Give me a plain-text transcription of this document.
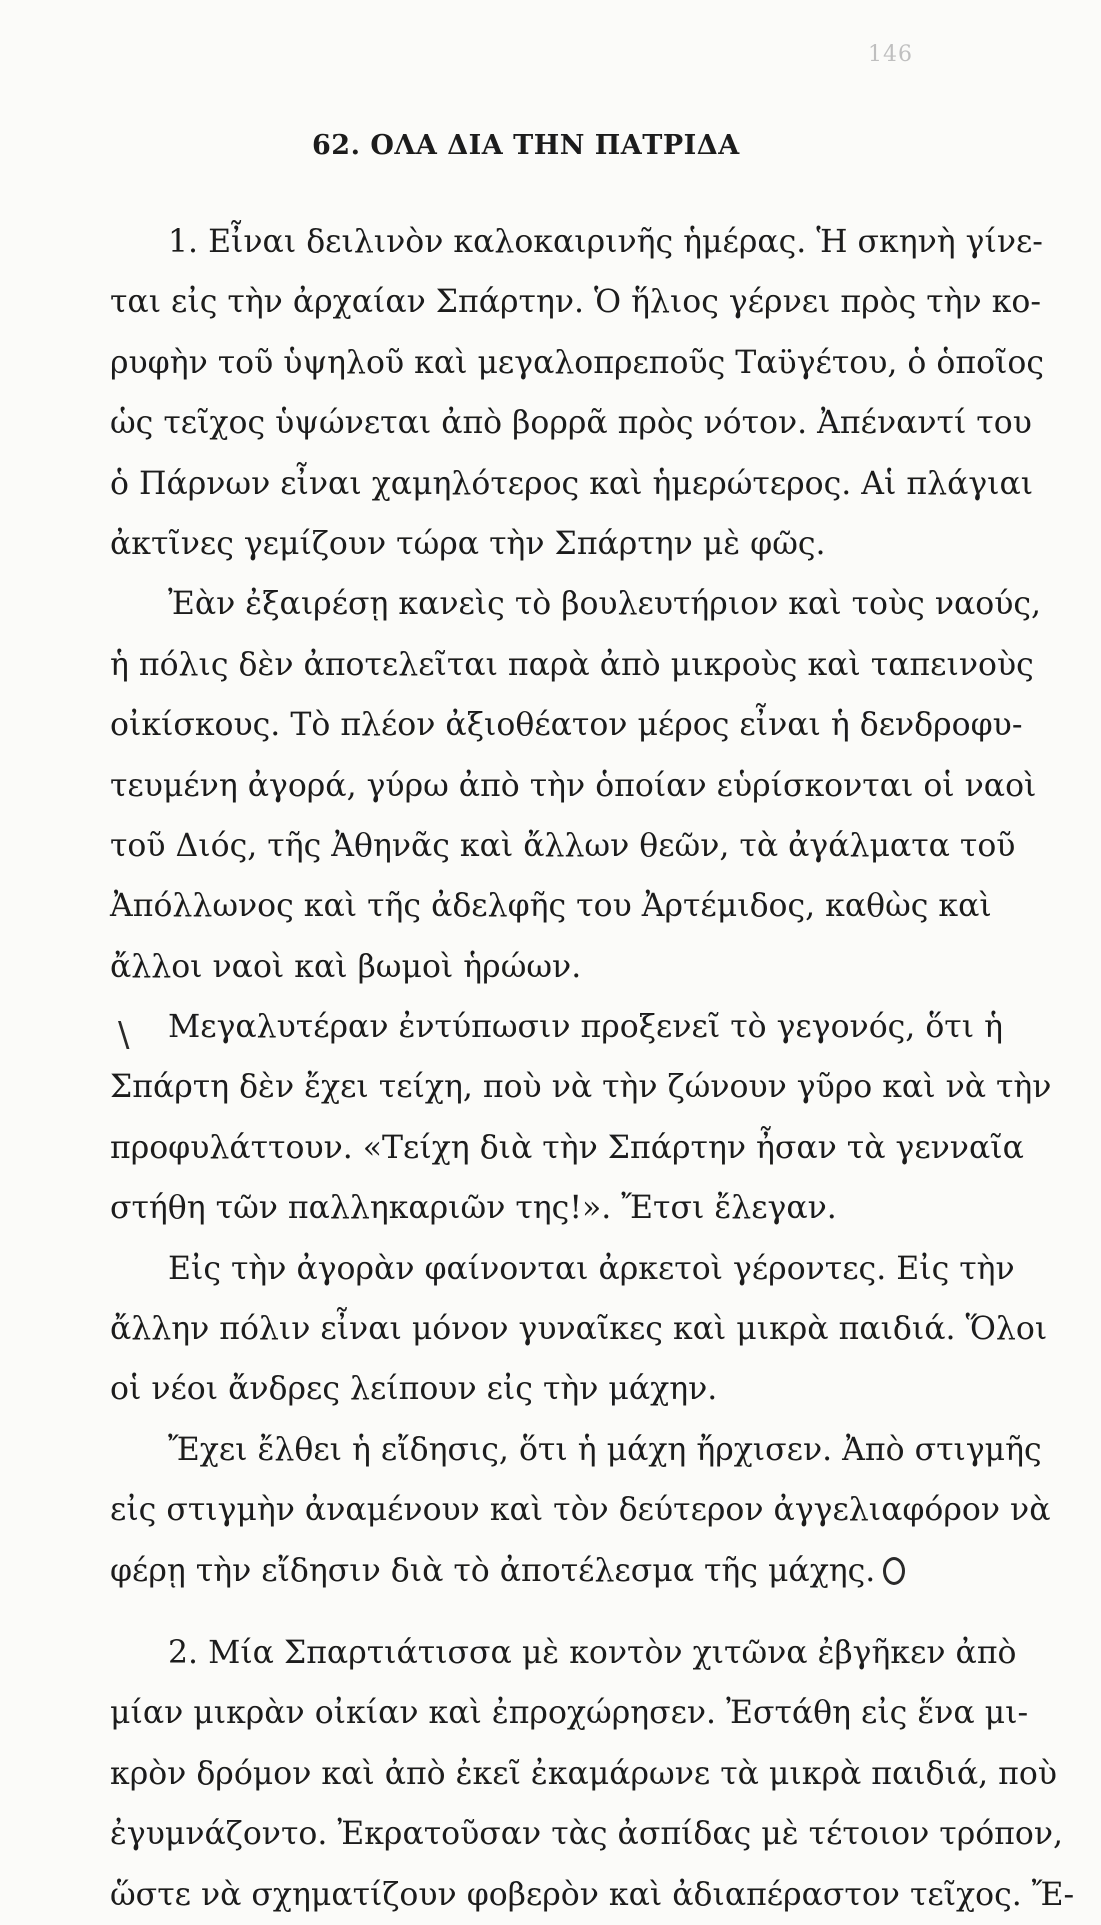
146
62. ΟΛΑ ΔΙΑ ΤΗΝ ΠΑΤΡΙΔΑ
1. Εἶναι δειλινὸν καλοκαιρινῆς ἡμέρας. Ἡ σκηνὴ γίνε-
ται εἰς τὴν ἀρχαίαν Σπάρτην. Ὁ ἥλιος γέρνει πρὸς τὴν κο-
ρυφὴν τοῦ ὑψηλοῦ καὶ μεγαλοπρεποῦς Ταϋγέτου, ὁ ὁποῖος
ὡς τεῖχος ὑψώνεται ἀπὸ βορρᾶ πρὸς νότον. Ἀπέναντί του
ὁ Πάρνων εἶναι χαμηλότερος καὶ ἡμερώτερος. Αἱ πλάγιαι
ἀκτῖνες γεμίζουν τώρα τὴν Σπάρτην μὲ φῶς.
Ἐὰν ἐξαιρέσῃ κανεὶς τὸ βουλευτήριον καὶ τοὺς ναούς,
ἡ πόλις δὲν ἀποτελεῖται παρὰ ἀπὸ μικροὺς καὶ ταπεινοὺς
οἰκίσκους. Τὸ πλέον ἀξιοθέατον μέρος εἶναι ἡ δενδροφυ-
τευμένη ἀγορά, γύρω ἀπὸ τὴν ὁποίαν εὑρίσκονται οἱ ναοὶ
τοῦ Διός, τῆς Ἀθηνᾶς καὶ ἄλλων θεῶν, τὰ ἀγάλματα τοῦ
Ἀπόλλωνος καὶ τῆς ἀδελφῆς του Ἀρτέμιδος, καθὼς καὶ
ἄλλοι ναοὶ καὶ βωμοὶ ἡρώων.
Μεγαλυτέραν ἐντύπωσιν προξενεῖ τὸ γεγονός, ὅτι ἡ
Σπάρτη δὲν ἔχει τείχη, ποὺ νὰ τὴν ζώνουν γῦρο καὶ νὰ τὴν
προφυλάττουν. «Τείχη διὰ τὴν Σπάρτην ἦσαν τὰ γενναῖα
στήθη τῶν παλληκαριῶν της!». Ἔτσι ἔλεγαν.
Εἰς τὴν ἀγορὰν φαίνονται ἀρκετοὶ γέροντες. Εἰς τὴν
ἄλλην πόλιν εἶναι μόνον γυναῖκες καὶ μικρὰ παιδιά. Ὅλοι
οἱ νέοι ἄνδρες λείπουν εἰς τὴν μάχην.
Ἔχει ἔλθει ἡ εἴδησις, ὅτι ἡ μάχη ἤρχισεν. Ἀπὸ στιγμῆς
εἰς στιγμὴν ἀναμένουν καὶ τὸν δεύτερον ἀγγελιαφόρον νὰ
φέρῃ τὴν εἴδησιν διὰ τὸ ἀποτέλεσμα τῆς μάχης.
2. Μία Σπαρτιάτισσα μὲ κοντὸν χιτῶνα ἐβγῆκεν ἀπὸ
μίαν μικρὰν οἰκίαν καὶ ἐπροχώρησεν. Ἐστάθη εἰς ἕνα μι-
κρὸν δρόμον καὶ ἀπὸ ἐκεῖ ἐκαμάρωνε τὰ μικρὰ παιδιά, ποὺ
ἐγυμνάζοντο. Ἐκρατοῦσαν τὰς ἀσπίδας μὲ τέτοιον τρόπον,
ὥστε νὰ σχηματίζουν φοβερὸν καὶ ἀδιαπέραστον τεῖχος. Ἔ-
\
